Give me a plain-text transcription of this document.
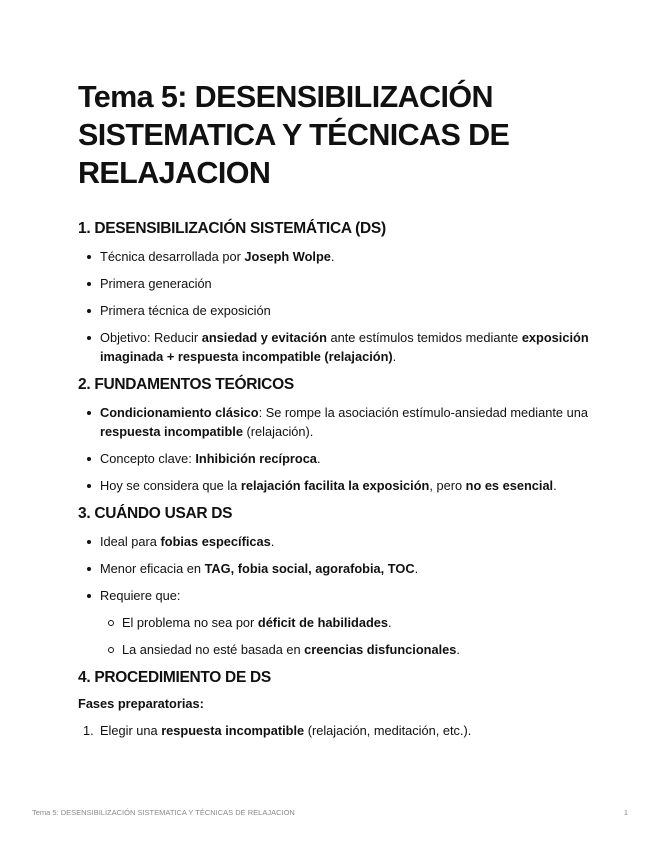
Tema 5: DESENSIBILIZACIÓN SISTEMATICA Y TÉCNICAS DE RELAJACION
1. DESENSIBILIZACIÓN SISTEMÁTICA (DS)
Técnica desarrollada por Joseph Wolpe.
Primera generación
Primera técnica de exposición
Objetivo: Reducir ansiedad y evitación ante estímulos temidos mediante exposición imaginada + respuesta incompatible (relajación).
2. FUNDAMENTOS TEÓRICOS
Condicionamiento clásico: Se rompe la asociación estímulo-ansiedad mediante una respuesta incompatible (relajación).
Concepto clave: Inhibición recíproca.
Hoy se considera que la relajación facilita la exposición, pero no es esencial.
3. CUÁNDO USAR DS
Ideal para fobias específicas.
Menor eficacia en TAG, fobia social, agorafobia, TOC.
Requiere que:
El problema no sea por déficit de habilidades.
La ansiedad no esté basada en creencias disfuncionales.
4. PROCEDIMIENTO DE DS
Fases preparatorias:
1. Elegir una respuesta incompatible (relajación, meditación, etc.).
Tema 5: DESENSIBILIZACIÓN SISTEMATICA Y TÉCNICAS DE RELAJACION	1
